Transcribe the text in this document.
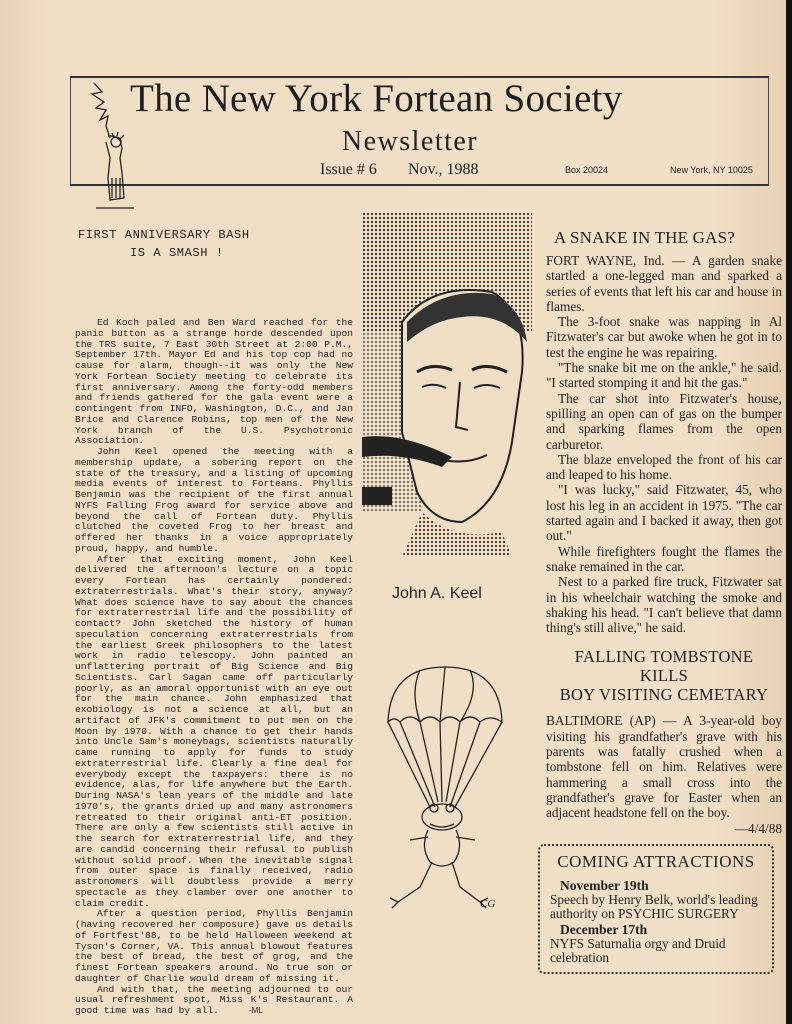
The New York Fortean Society
Newsletter
Issue # 6 Nov., 1988	Box 20024	New York, NY 10025
FIRST ANNIVERSARY BASH
IS A SMASH !

Ed Koch paled and Ben Ward reached for the panic button as a strange horde descended upon the TRS suite, 7 East 30th Street at 2:00 P.M., September 17th. Mayor Ed and his top cop had no cause for alarm, though--it was only the New York Fortean Society meeting to celebrate its first anniversary. Among the forty-odd members and friends gathered for the gala event were a contingent from INFO, Washington, D.C., and Jan Brice and Clarence Robins, top men of the New York branch of the U.S. Psychotronic Association.

John Keel opened the meeting with a membership update, a sobering report on the state of the treasury, and a listing of upcoming media events of interest to Forteans. Phyllis Benjamin was the recipient of the first annual NYFS Falling Frog award for service above and beyond the call of Fortean duty. Phyllis clutched the coveted Frog to her breast and offered her thanks in a voice appropriately proud, happy, and humble.

After that exciting moment, John Keel delivered the afternoon's lecture on a topic every Fortean has certainly pondered: extraterrestrials. What's their story, anyway? What does science have to say about the chances for extraterrestrial life and the possibility of contact? John sketched the history of human speculation concerning extraterrestrials from the earliest Greek philosophers to the latest work in radio telescopy. John painted an unflattering portrait of Big Science and Big Scientists. Carl Sagan came off particularly poorly, as an amoral opportunist with an eye out for the main chance. John emphasized that exobiology is not a science at all, but an artifact of JFK's commitment to put men on the Moon by 1970. With a chance to get their hands into Uncle Sam's moneybags, scientists naturally came running to apply for funds to study extraterrestrial life. Clearly a fine deal for everybody except the taxpayers: there is no evidence, alas, for life anywhere but the Earth. During NASA's lean years of the middle and late 1970's, the grants dried up and many astronomers retreated to their original anti-ET position. There are only a few scientists still active in the search for extraterrestrial life, and they are candid concerning their refusal to publish without solid proof. When the inevitable signal from outer space is finally received, radio astronomers will doubtless provide a merry spectacle as they clamber over one another to claim credit.

After a question period, Phyllis Benjamin (having recovered her composure) gave us details of Fortfest'88, to be held Halloween weekend at Tyson's Corner, VA. This annual blowout features the best of bread, the best of grog, and the finest Fortean speakers around. No true son or daughter of Charlie would dream of missing it.

And with that, the meeting adjourned to our usual refreshment spot, Miss K's Restaurant. A good time was had by all.	-ML

John A. Keel
CG
A SNAKE IN THE GAS?

FORT WAYNE, Ind. — A garden snake startled a one-legged man and sparked a series of events that left his car and house in flames.

The 3-foot snake was napping in Al Fitzwater's car but awoke when he got in to test the engine he was repairing.

"The snake bit me on the ankle," he said. "I started stomping it and hit the gas."

The car shot into Fitzwater's house, spilling an open can of gas on the bumper and sparking flames from the open carburetor.

The blaze enveloped the front of his car and leaped to his home.

"I was lucky," said Fitzwater, 45, who lost his leg in an accident in 1975. "The car started again and I backed it away, then got out."

While firefighters fought the flames the snake remained in the car.

Nest to a parked fire truck, Fitzwater sat in his wheelchair watching the smoke and shaking his head. "I can't believe that damn thing's still alive," he said.

FALLING TOMBSTONE
KILLS
BOY VISITING CEMETARY

BALTIMORE (AP) — A 3-year-old boy visiting his grandfather's grave with his parents was fatally crushed when a tombstone fell on him. Relatives were hammering a small cross into the grandfather's grave for Easter when an adjacent headstone fell on the boy.

—4/4/88
COMING ATTRACTIONS
November 19th
Speech by Henry Belk, world's leading authority on PSYCHIC SURGERY
December 17th
NYFS Saturnalia orgy and Druid celebration
